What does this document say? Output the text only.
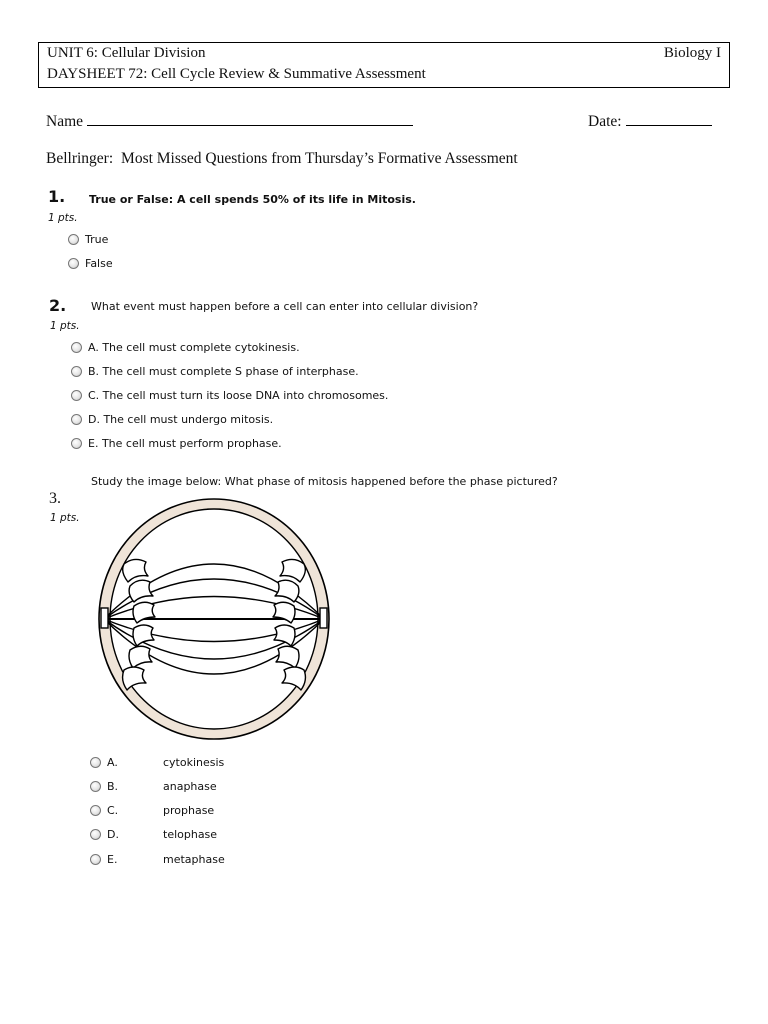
UNIT 6: Cellular Division	Biology I
DAYSHEET 72: Cell Cycle Review & Summative Assessment
Name	Date:
Bellringer: Most Missed Questions from Thursday’s Formative Assessment
1. True or False: A cell spends 50% of its life in Mitosis.
1 pts.
True
False
2. What event must happen before a cell can enter into cellular division?
1 pts.
A. The cell must complete cytokinesis.
B. The cell must complete S phase of interphase.
C. The cell must turn its loose DNA into chromosomes.
D. The cell must undergo mitosis.
E. The cell must perform prophase.
Study the image below: What phase of mitosis happened before the phase pictured?
3.
1 pts.
A.	cytokinesis
B.	anaphase
C.	prophase
D.	telophase
E.	metaphase
